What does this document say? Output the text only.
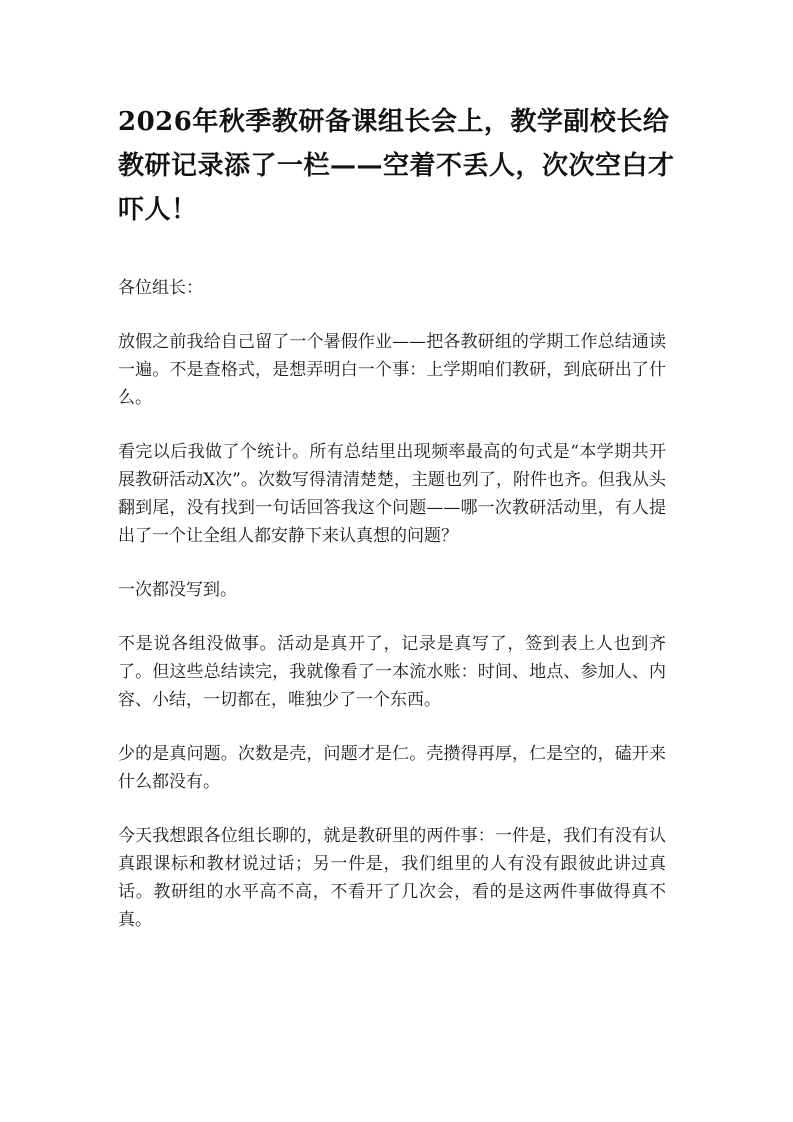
2026年秋季教研备课组长会上，教学副校长给教研记录添了一栏——空着不丢人，次次空白才吓人！

各位组长：

放假之前我给自己留了一个暑假作业——把各教研组的学期工作总结通读一遍。不是查格式，是想弄明白一个事：上学期咱们教研，到底研出了什么。

看完以后我做了个统计。所有总结里出现频率最高的句式是“本学期共开展教研活动X次”。次数写得清清楚楚，主题也列了，附件也齐。但我从头翻到尾，没有找到一句话回答我这个问题——哪一次教研活动里，有人提出了一个让全组人都安静下来认真想的问题？

一次都没写到。

不是说各组没做事。活动是真开了，记录是真写了，签到表上人也到齐了。但这些总结读完，我就像看了一本流水账：时间、地点、参加人、内容、小结，一切都在，唯独少了一个东西。

少的是真问题。次数是壳，问题才是仁。壳攒得再厚，仁是空的，磕开来什么都没有。

今天我想跟各位组长聊的，就是教研里的两件事：一件是，我们有没有认真跟课标和教材说过话；另一件是，我们组里的人有没有跟彼此讲过真话。教研组的水平高不高，不看开了几次会，看的是这两件事做得真不真。
